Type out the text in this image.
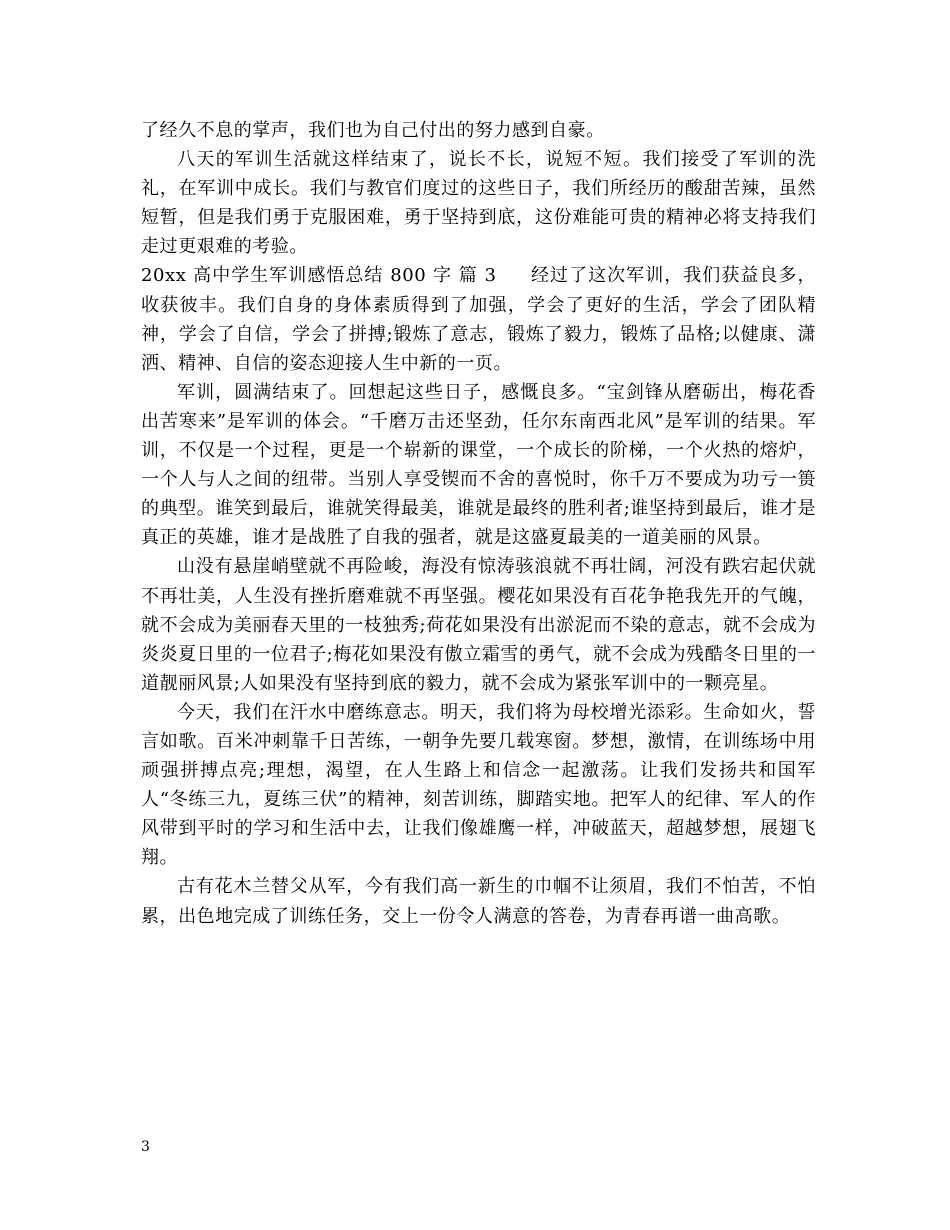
了经久不息的掌声，我们也为自己付出的努力感到自豪。

八天的军训生活就这样结束了，说长不长，说短不短。我们接受了军训的洗礼，在军训中成长。我们与教官们度过的这些日子，我们所经历的酸甜苦辣，虽然短暂，但是我们勇于克服困难，勇于坚持到底，这份难能可贵的精神必将支持我们走过更艰难的考验。

20xx 高中学生军训感悟总结 800 字 篇 3 经过了这次军训，我们获益良多，收获彼丰。我们自身的身体素质得到了加强，学会了更好的生活，学会了团队精神，学会了自信，学会了拼搏;锻炼了意志，锻炼了毅力，锻炼了品格;以健康、潇洒、精神、自信的姿态迎接人生中新的一页。

军训，圆满结束了。回想起这些日子，感慨良多。“宝剑锋从磨砺出，梅花香出苦寒来”是军训的体会。“千磨万击还坚劲，任尔东南西北风”是军训的结果。军训，不仅是一个过程，更是一个崭新的课堂，一个成长的阶梯，一个火热的熔炉，一个人与人之间的纽带。当别人享受锲而不舍的喜悦时，你千万不要成为功亏一篑的典型。谁笑到最后，谁就笑得最美，谁就是最终的胜利者;谁坚持到最后，谁才是真正的英雄，谁才是战胜了自我的强者，就是这盛夏最美的一道美丽的风景。

山没有悬崖峭壁就不再险峻，海没有惊涛骇浪就不再壮阔，河没有跌宕起伏就不再壮美，人生没有挫折磨难就不再坚强。樱花如果没有百花争艳我先开的气魄，就不会成为美丽春天里的一枝独秀;荷花如果没有出淤泥而不染的意志，就不会成为炎炎夏日里的一位君子;梅花如果没有傲立霜雪的勇气，就不会成为残酷冬日里的一道靓丽风景;人如果没有坚持到底的毅力，就不会成为紧张军训中的一颗亮星。

今天，我们在汗水中磨练意志。明天，我们将为母校增光添彩。生命如火，誓言如歌。百米冲刺靠千日苦练，一朝争先要几载寒窗。梦想，激情，在训练场中用顽强拼搏点亮;理想，渴望，在人生路上和信念一起激荡。让我们发扬共和国军人“冬练三九，夏练三伏”的精神，刻苦训练，脚踏实地。把军人的纪律、军人的作风带到平时的学习和生活中去，让我们像雄鹰一样，冲破蓝天，超越梦想，展翅飞翔。

古有花木兰替父从军，今有我们高一新生的巾帼不让须眉，我们不怕苦，不怕累，出色地完成了训练任务，交上一份令人满意的答卷，为青春再谱一曲高歌。

3
